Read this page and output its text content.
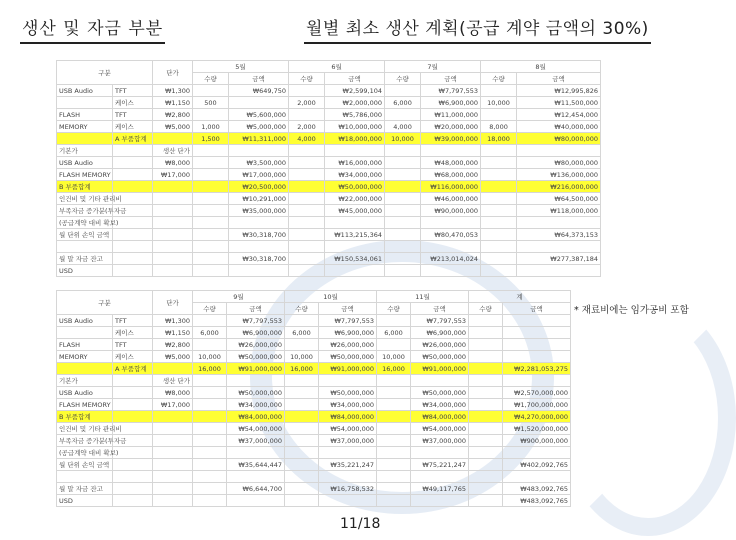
생산 및 자금 부분	월별 최소 생산 계획(공급 계약 금액의 30%)
구분		단가	5월		6월		7월		8월	
			수량	금액	수량	금액	수량	금액	수량	금액
USB Audio	TFT	₩1,300		₩649,750		₩2,599,104		₩7,797,553		₩12,995,826
	케이스	₩1,150	500		2,000	₩2,000,000	6,000	₩6,900,000	10,000	₩11,500,000
FLASH	TFT	₩2,800		₩5,600,000		₩5,786,000		₩11,000,000		₩12,454,000
MEMORY	케이스	₩5,000	1,000	₩5,000,000	2,000	₩10,000,000	4,000	₩20,000,000	8,000	₩40,000,000
	A 부품합계		1,500	₩11,311,000	4,000	₩18,000,000	10,000	₩39,000,000	18,000	₩80,000,000
기본가		생산 단가								
USB Audio		₩8,000		₩3,500,000		₩16,000,000		₩48,000,000		₩80,000,000
FLASH MEMORY		₩17,000		₩17,000,000		₩34,000,000		₩68,000,000		₩136,000,000
B 부품합계				₩20,500,000		₩50,000,000		₩116,000,000		₩216,000,000
인건비 및 기타 관리비				₩10,291,000		₩22,000,000		₩46,000,000		₩64,500,000
부족자금 증가분(투자금				₩35,000,000		₩45,000,000		₩90,000,000		₩118,000,000
(공급계약 대비 확보)										
월 단위 손익 금액				₩30,318,700		₩113,215,364		₩80,470,053		₩64,373,153

월 말 자금 잔고				₩30,318,700		₩150,534,061		₩213,014,024		₩277,387,184
USD										
구분		단가	9월		10월		11월		계	
			수량	금액	수량	금액	수량	금액	수량	금액
USB Audio	TFT	₩1,300		₩7,797,553		₩7,797,553		₩7,797,553		
	케이스	₩1,150	6,000	₩6,900,000	6,000	₩6,900,000	6,000	₩6,900,000		
FLASH	TFT	₩2,800		₩26,000,000		₩26,000,000		₩26,000,000		
MEMORY	케이스	₩5,000	10,000	₩50,000,000	10,000	₩50,000,000	10,000	₩50,000,000		
	A 부품합계		16,000	₩91,000,000	16,000	₩91,000,000	16,000	₩91,000,000		₩2,281,053,275
기본가		생산 단가								
USB Audio		₩8,000		₩50,000,000		₩50,000,000		₩50,000,000		₩2,570,000,000
FLASH MEMORY		₩17,000		₩34,000,000		₩34,000,000		₩34,000,000		₩1,700,000,000
B 부품합계				₩84,000,000		₩84,000,000		₩84,000,000		₩4,270,000,000
인건비 및 기타 관리비				₩54,000,000		₩54,000,000		₩54,000,000		₩1,520,000,000
부족자금 증가분(투자금				₩37,000,000		₩37,000,000		₩37,000,000		₩900,000,000
(공급계약 대비 확보)										
월 단위 손익 금액				₩35,644,447		₩35,221,247		₩75,221,247		₩402,092,765

월 말 자금 잔고				₩6,644,700		₩16,758,532		₩49,117,765		₩483,092,765
USD										₩483,092,765
* 재료비에는 임가공비 포함
11/18
